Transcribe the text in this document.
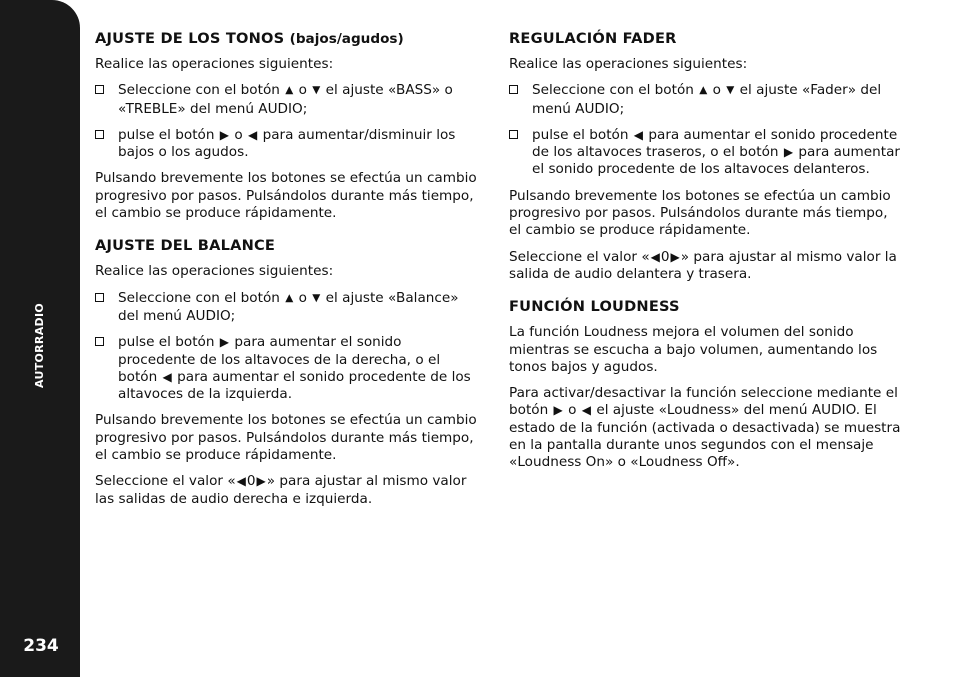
AUTORRADIO
234
AJUSTE DE LOS TONOS (bajos/agudos)

Realice las operaciones siguientes:

Seleccione con el botón ▲ o ▼ el ajuste «BASS» o «TREBLE» del menú AUDIO;
pulse el botón ▶ o ◀ para aumentar/disminuir los bajos o los agudos.

Pulsando brevemente los botones se efectúa un cambio progresivo por pasos. Pulsándolos durante más tiempo, el cambio se produce rápidamente.

AJUSTE DEL BALANCE

Realice las operaciones siguientes:

Seleccione con el botón ▲ o ▼ el ajuste «Balance» del menú AUDIO;
pulse el botón ▶ para aumentar el sonido procedente de los altavoces de la derecha, o el botón ◀ para aumentar el sonido procedente de los altavoces de la izquierda.

Pulsando brevemente los botones se efectúa un cambio progresivo por pasos. Pulsándolos durante más tiempo, el cambio se produce rápidamente.

Seleccione el valor «◀0▶» para ajustar al mismo valor las salidas de audio derecha e izquierda.

REGULACIÓN FADER

Realice las operaciones siguientes:

Seleccione con el botón ▲ o ▼ el ajuste «Fader» del menú AUDIO;
pulse el botón ◀ para aumentar el sonido procedente de los altavoces traseros, o el botón ▶ para aumentar el sonido procedente de los altavoces delanteros.

Pulsando brevemente los botones se efectúa un cambio progresivo por pasos. Pulsándolos durante más tiempo, el cambio se produce rápidamente.

Seleccione el valor «◀0▶» para ajustar al mismo valor la salida de audio delantera y trasera.

FUNCIÓN LOUDNESS

La función Loudness mejora el volumen del sonido mientras se escucha a bajo volumen, aumentando los tonos bajos y agudos.

Para activar/desactivar la función seleccione mediante el botón ▶ o ◀ el ajuste «Loudness» del menú AUDIO. El estado de la función (activada o desactivada) se muestra en la pantalla durante unos segundos con el mensaje «Loudness On» o «Loudness Off».
